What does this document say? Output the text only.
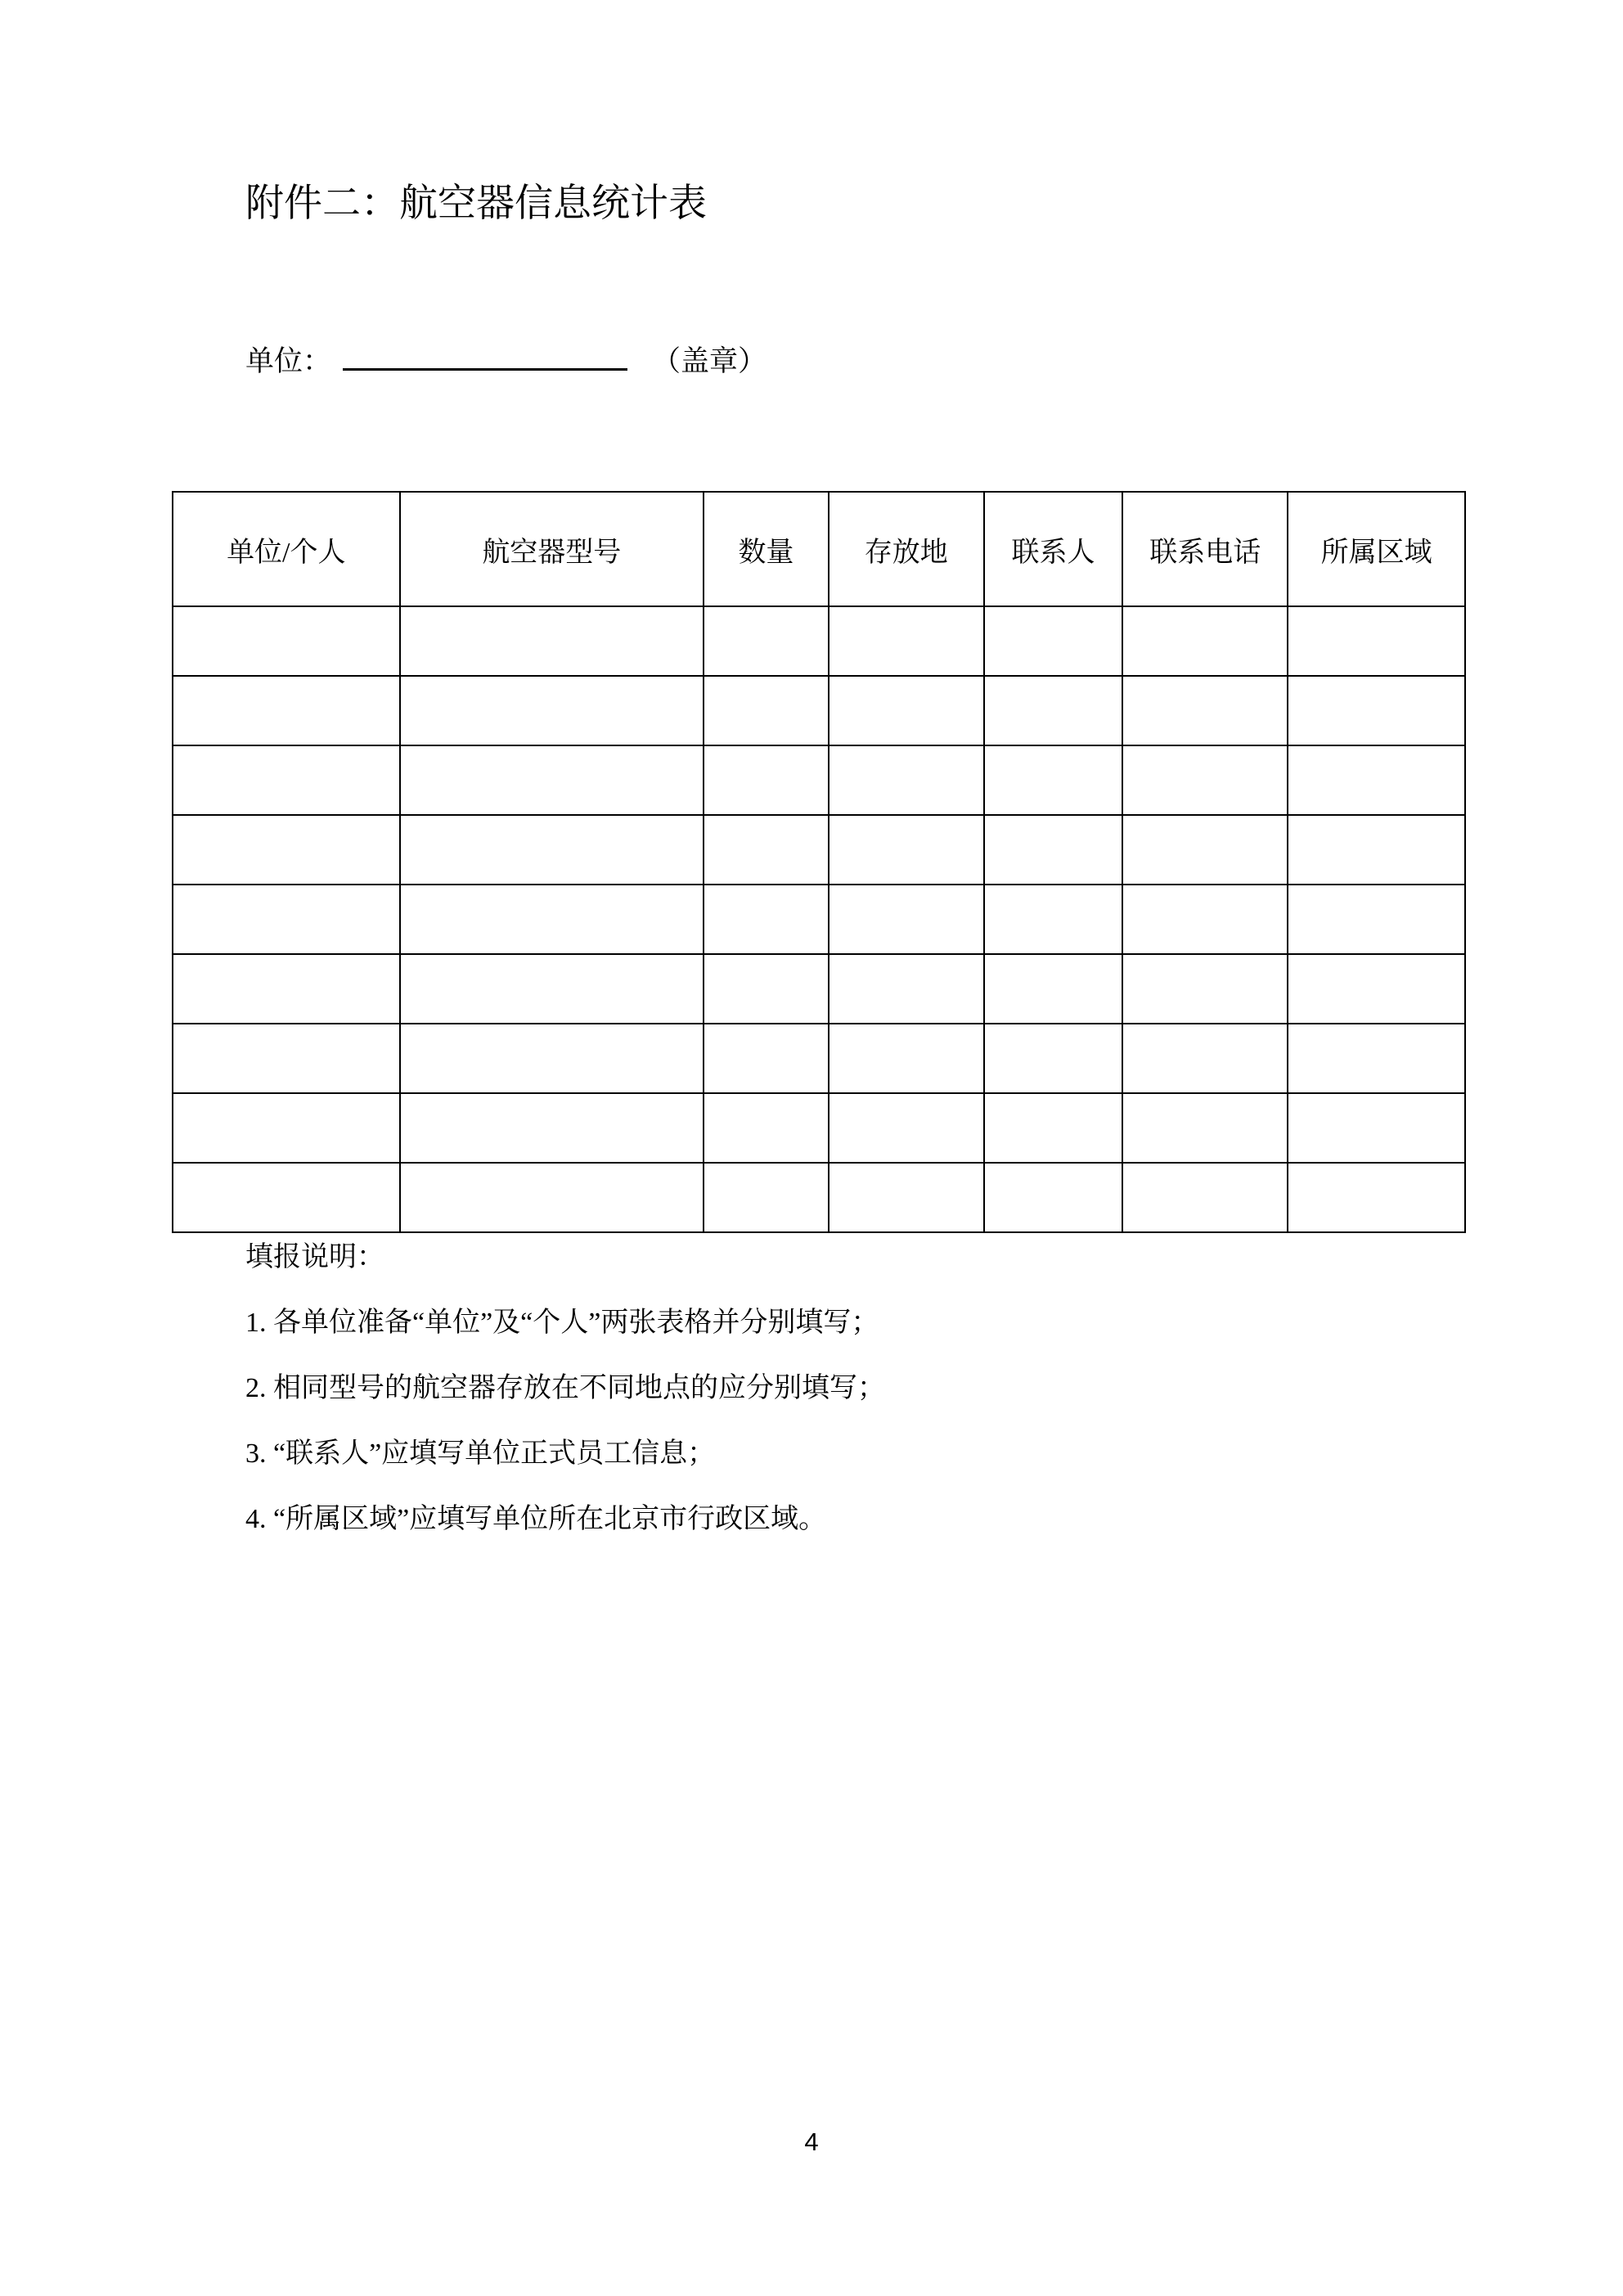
附件二：航空器信息统计表
单位：	（盖章）
单位/个人	航空器型号	数量	存放地	联系人	联系电话	所属区域

填报说明：
1. 各单位准备“单位”及“个人”两张表格并分别填写；
2. 相同型号的航空器存放在不同地点的应分别填写；
3. “联系人”应填写单位正式员工信息；
4. “所属区域”应填写单位所在北京市行政区域。
4
